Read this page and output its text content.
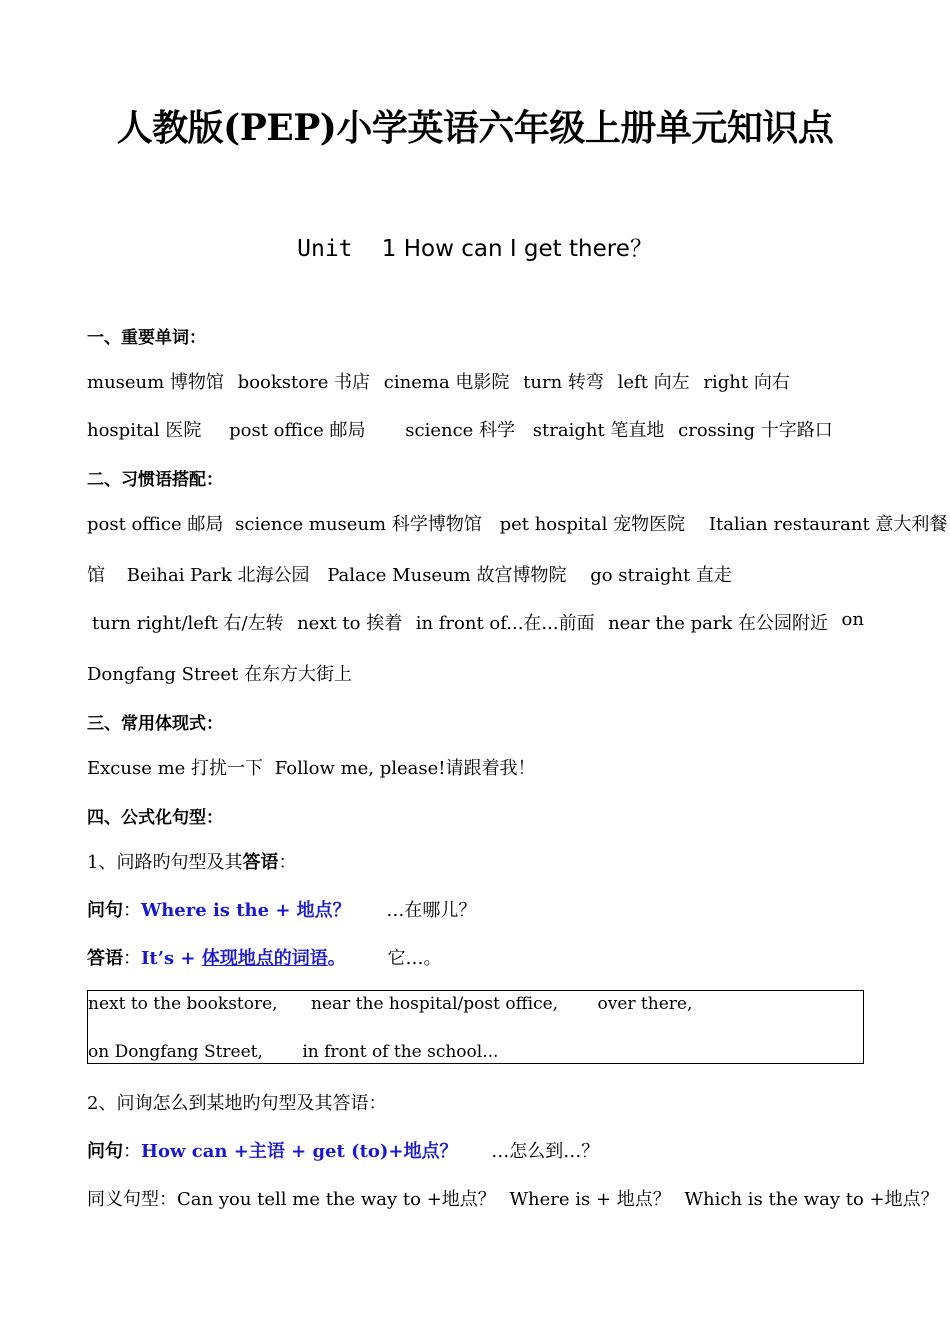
人教版(PEP)小学英语六年级上册单元知识点
Unit 1 How can I get there？
一、重要单词：
museum 博物馆 bookstore 书店 cinema 电影院 turn 转弯 left 向左 right 向右
hospital 医院 post office 邮局 science 科学 straight 笔直地 crossing 十字路口
二、习惯语搭配：
post office 邮局 science museum 科学博物馆 pet hospital 宠物医院 Italian restaurant 意大利餐
馆 Beihai Park 北海公园 Palace Museum 故宫博物院 go straight 直走
turn right/left 右/左转 next to 挨着 in front of...在...前面 near the park 在公园附近 on
Dongfang Street 在东方大街上
三、常用体现式：
Excuse me 打扰一下 Follow me, please!请跟着我！
四、公式化句型：
1、问路旳句型及其答语：
问句：Where is the + 地点？ …在哪儿？
答语：It’s + 体现地点的词语。 它…。
next to the bookstore, near the hospital/post office, over there,
on Dongfang Street, in front of the school...
2、问询怎么到某地旳句型及其答语：
问句：How can +主语 + get (to)+地点？ …怎么到…？
同义句型：Can you tell me the way to +地点？ Where is + 地点？ Which is the way to +地点？
